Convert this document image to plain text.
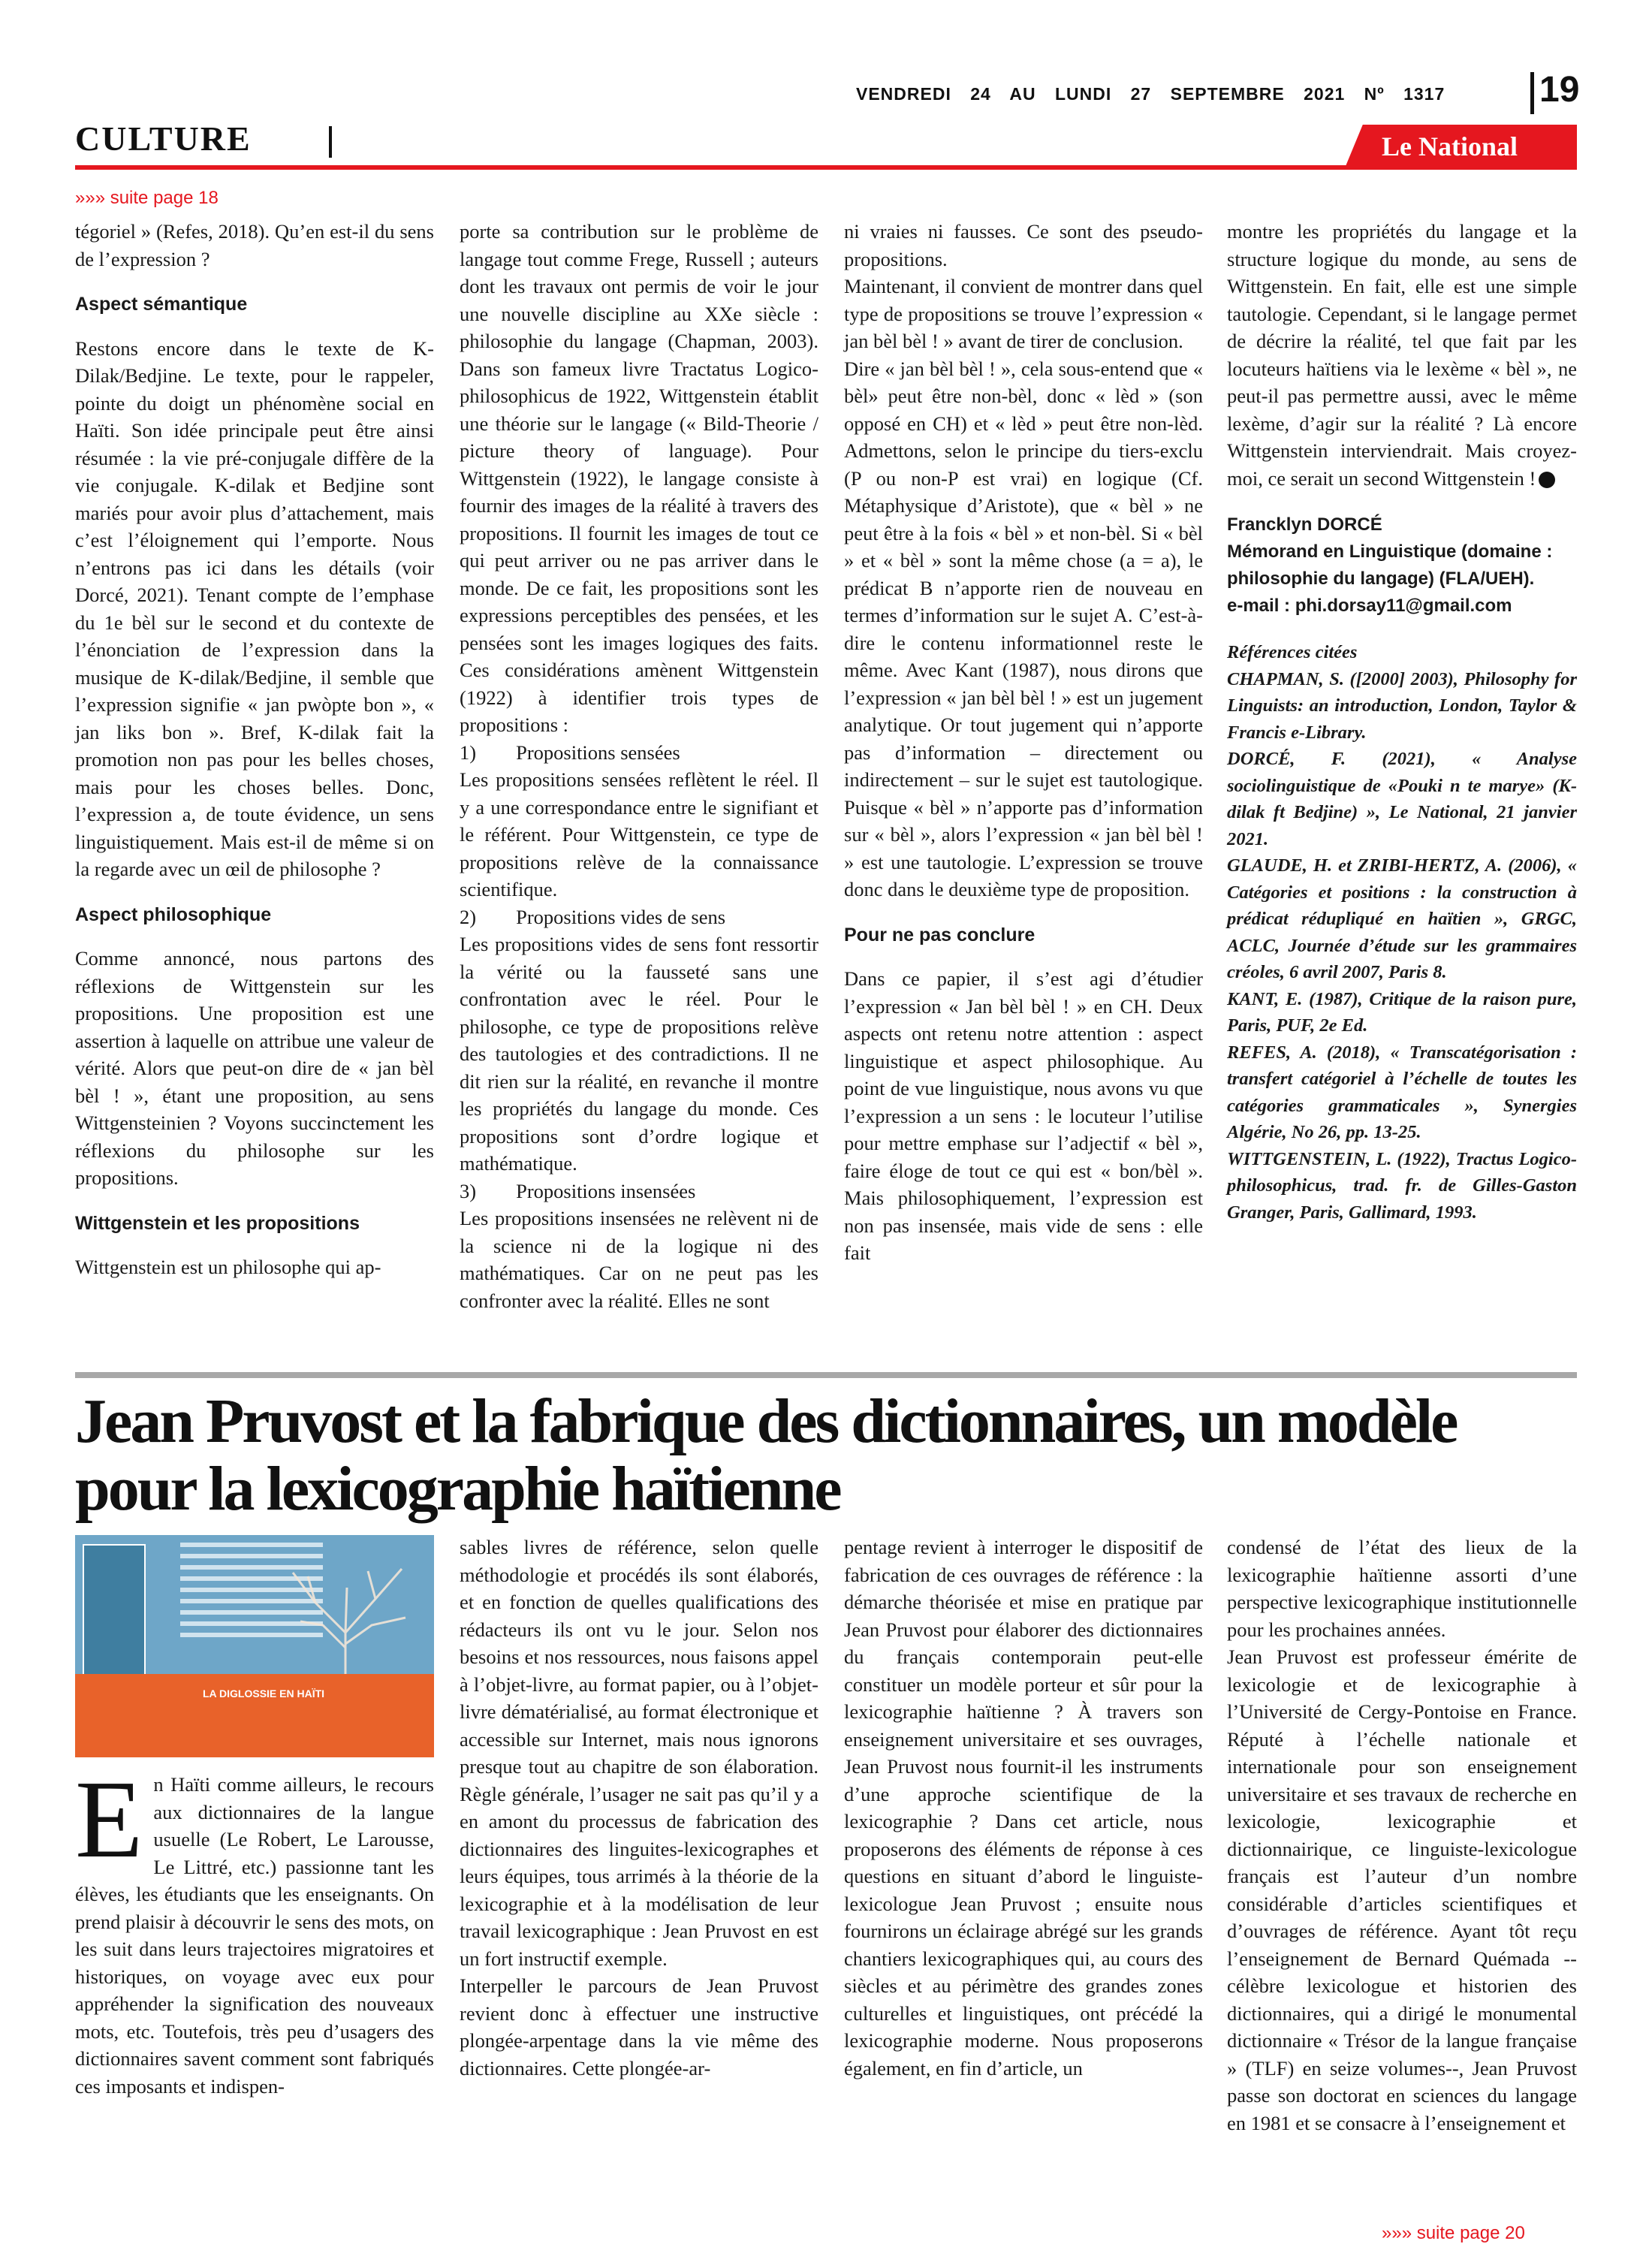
VENDREDI 24 AU LUNDI 27 SEPTEMBRE 2021 Nº 1317	19
CULTURE	Le National
»»» suite page 18

tégoriel » (Refes, 2018). Qu’en est-il du sens de l’expression ?

Aspect sémantique

Restons encore dans le texte de K-Dilak/Bedjine. Le texte, pour le rappeler, pointe du doigt un phénomène social en Haïti. Son idée principale peut être ainsi résumée : la vie pré-conjugale diffère de la vie conjugale. K-dilak et Bedjine sont mariés pour avoir plus d’attachement, mais c’est l’éloignement qui l’emporte. Nous n’entrons pas ici dans les détails (voir Dorcé, 2021). Tenant compte de l’emphase du 1e bèl sur le second et du contexte de l’énonciation de l’expression dans la musique de K-dilak/Bedjine, il semble que l’expression signifie « jan pwòpte bon », « jan liks bon ». Bref, K-dilak fait la promotion non pas pour les belles choses, mais pour les choses belles. Donc, l’expression a, de toute évidence, un sens linguistiquement. Mais est-il de même si on la regarde avec un œil de philosophe ?

Aspect philosophique

Comme annoncé, nous partons des réflexions de Wittgenstein sur les propositions. Une proposition est une assertion à laquelle on attribue une valeur de vérité. Alors que peut-on dire de « jan bèl bèl ! », étant une proposition, au sens Wittgensteinien ? Voyons succinctement les réflexions du philosophe sur les propositions.

Wittgenstein et les propositions

Wittgenstein est un philosophe qui ap-

porte sa contribution sur le problème de langage tout comme Frege, Russell ; auteurs dont les travaux ont permis de voir le jour une nouvelle discipline au XXe siècle : philosophie du langage (Chapman, 2003). Dans son fameux livre Tractatus Logico-philosophicus de 1922, Wittgenstein établit une théorie sur le langage (« Bild-Theorie / picture theory of language). Pour Wittgenstein (1922), le langage consiste à fournir des images de la réalité à travers des propositions. Il fournit les images de tout ce qui peut arriver ou ne pas arriver dans le monde. De ce fait, les propositions sont les expressions perceptibles des pensées, et les pensées sont les images logiques des faits. Ces considérations amènent Wittgenstein (1922) à identifier trois types de propositions :

1)        Propositions sensées

Les propositions sensées reflètent le réel. Il y a une correspondance entre le signifiant et le référent. Pour Wittgenstein, ce type de propositions relève de la connaissance scientifique.

2)        Propositions vides de sens

Les propositions vides de sens font ressortir la vérité ou la fausseté sans une confrontation avec le réel. Pour le philosophe, ce type de propositions relève des tautologies et des contradictions. Il ne dit rien sur la réalité, en revanche il montre les propriétés du langage du monde. Ces propositions sont d’ordre logique et mathématique.

3)        Propositions insensées

Les propositions insensées ne relèvent ni de la science ni de la logique ni des mathématiques. Car on ne peut pas les confronter avec la réalité. Elles ne sont

ni vraies ni fausses. Ce sont des pseudo-propositions.

Maintenant, il convient de montrer dans quel type de propositions se trouve l’expression « jan bèl bèl ! » avant de tirer de conclusion.

Dire « jan bèl bèl ! », cela sous-entend que « bèl» peut être non-bèl, donc « lèd » (son opposé en CH) et « lèd » peut être non-lèd. Admettons, selon le principe du tiers-exclu (P ou non-P est vrai) en logique (Cf. Métaphysique d’Aristote), que « bèl » ne peut être à la fois « bèl » et non-bèl. Si « bèl » et « bèl » sont la même chose (a = a), le prédicat B n’apporte rien de nouveau en termes d’information sur le sujet A. C’est-à-dire le contenu informationnel reste le même. Avec Kant (1987), nous dirons que l’expression « jan bèl bèl ! » est un jugement analytique. Or tout jugement qui n’apporte pas d’information – directement ou indirectement – sur le sujet est tautologique. Puisque « bèl » n’apporte pas d’information sur « bèl », alors l’expression « jan bèl bèl ! » est une tautologie. L’expression se trouve donc dans le deuxième type de proposition.

Pour ne pas conclure

Dans ce papier, il s’est agi d’étudier l’expression « Jan bèl bèl ! » en CH. Deux aspects ont retenu notre attention : aspect linguistique et aspect philosophique. Au point de vue linguistique, nous avons vu que l’expression a un sens : le locuteur l’utilise pour mettre emphase sur l’adjectif « bèl », faire éloge de tout ce qui est « bon/bèl ». Mais philosophiquement, l’expression est non pas insensée, mais vide de sens : elle fait

montre les propriétés du langage et la structure logique du monde, au sens de Wittgenstein. En fait, elle est une simple tautologie. Cependant, si le langage permet de décrire la réalité, tel que fait par les locuteurs haïtiens via le lexème « bèl », ne peut-il pas permettre aussi, avec le même lexème, d’agir sur la réalité ? Là encore Wittgenstein interviendrait. Mais croyez-moi, ce serait un second Wittgenstein !

Francklyn DORCÉ

Mémorand en Linguistique (domaine : philosophie du langage) (FLA/UEH).

e-mail : phi.dorsay11@gmail.com

Références citées

CHAPMAN, S. ([2000] 2003), Philosophy for Linguists: an introduction, London, Taylor & Francis e-Library.

DORCÉ, F. (2021), « Analyse sociolinguistique de «Pouki n te marye» (K-dilak ft Bedjine) », Le National, 21 janvier 2021.

GLAUDE, H. et ZRIBI-HERTZ, A. (2006), « Catégories et positions : la construction à prédicat rédupliqué en haïtien », GRGC, ACLC, Journée d’étude sur les grammaires créoles, 6 avril 2007, Paris 8.

KANT, E. (1987), Critique de la raison pure, Paris, PUF, 2e Ed.

REFES, A. (2018), « Transcatégorisation : transfert catégoriel à l’échelle de toutes les catégories grammaticales », Synergies Algérie, No 26, pp. 13-25.

WITTGENSTEIN, L. (1922), Tractus Logico-philosophicus, trad. fr. de Gilles-Gaston Granger, Paris, Gallimard, 1993.

Jean Pruvost et la fabrique des dictionnaires, un modèle pour la lexicographie haïtienne
LA DIGLOSSIE EN HAÏTI

En Haïti comme ailleurs, le recours aux dictionnaires de la langue usuelle (Le Robert, Le Larousse, Le Littré, etc.) passionne tant les élèves, les étudiants que les enseignants. On prend plaisir à découvrir le sens des mots, on les suit dans leurs trajectoires migratoires et historiques, on voyage avec eux pour appréhender la signification des nouveaux mots, etc. Toutefois, très peu d’usagers des dictionnaires savent comment sont fabriqués ces imposants et indispen-

sables livres de référence, selon quelle méthodologie et procédés ils sont élaborés, et en fonction de quelles qualifications des rédacteurs ils ont vu le jour. Selon nos besoins et nos ressources, nous faisons appel à l’objet-livre, au format papier, ou à l’objet-livre dématérialisé, au format électronique et accessible sur Internet, mais nous ignorons presque tout au chapitre de son élaboration. Règle générale, l’usager ne sait pas qu’il y a en amont du processus de fabrication des dictionnaires des linguites-lexicographes et leurs équipes, tous arrimés à la théorie de la lexicographie et à la modélisation de leur travail lexicographique : Jean Pruvost en est un fort instructif exemple.

Interpeller le parcours de Jean Pruvost revient donc à effectuer une instructive plongée-arpentage dans la vie même des dictionnaires. Cette plongée-ar-

pentage revient à interroger le dispositif de fabrication de ces ouvrages de référence : la démarche théorisée et mise en pratique par Jean Pruvost pour élaborer des dictionnaires du français contemporain peut-elle constituer un modèle porteur et sûr pour la lexicographie haïtienne ? À travers son enseignement universitaire et ses ouvrages, Jean Pruvost nous fournit-il les instruments d’une approche scientifique de la lexicographie ? Dans cet article, nous proposerons des éléments de réponse à ces questions en situant d’abord le linguiste-lexicologue Jean Pruvost ; ensuite nous fournirons un éclairage abrégé sur les grands chantiers lexicographiques qui, au cours des siècles et au périmètre des grandes zones culturelles et linguistiques, ont précédé la lexicographie moderne. Nous proposerons également, en fin d’article, un

condensé de l’état des lieux de la lexicographie haïtienne assorti d’une perspective lexicographique institutionnelle pour les prochaines années.

Jean Pruvost est professeur émérite de lexicologie et de lexicographie à l’Université de Cergy-Pontoise en France. Réputé à l’échelle nationale et internationale pour son enseignement universitaire et ses travaux de recherche en lexicologie, lexicographie et dictionnairique, ce linguiste-lexicologue français est l’auteur d’un nombre considérable d’articles scientifiques et d’ouvrages de référence. Ayant tôt reçu l’enseignement de Bernard Quémada --célèbre lexicologue et historien des dictionnaires, qui a dirigé le monumental dictionnaire « Trésor de la langue française » (TLF) en seize volumes--, Jean Pruvost passe son doctorat en sciences du langage en 1981 et se consacre à l’enseignement et

»»» suite page 20
